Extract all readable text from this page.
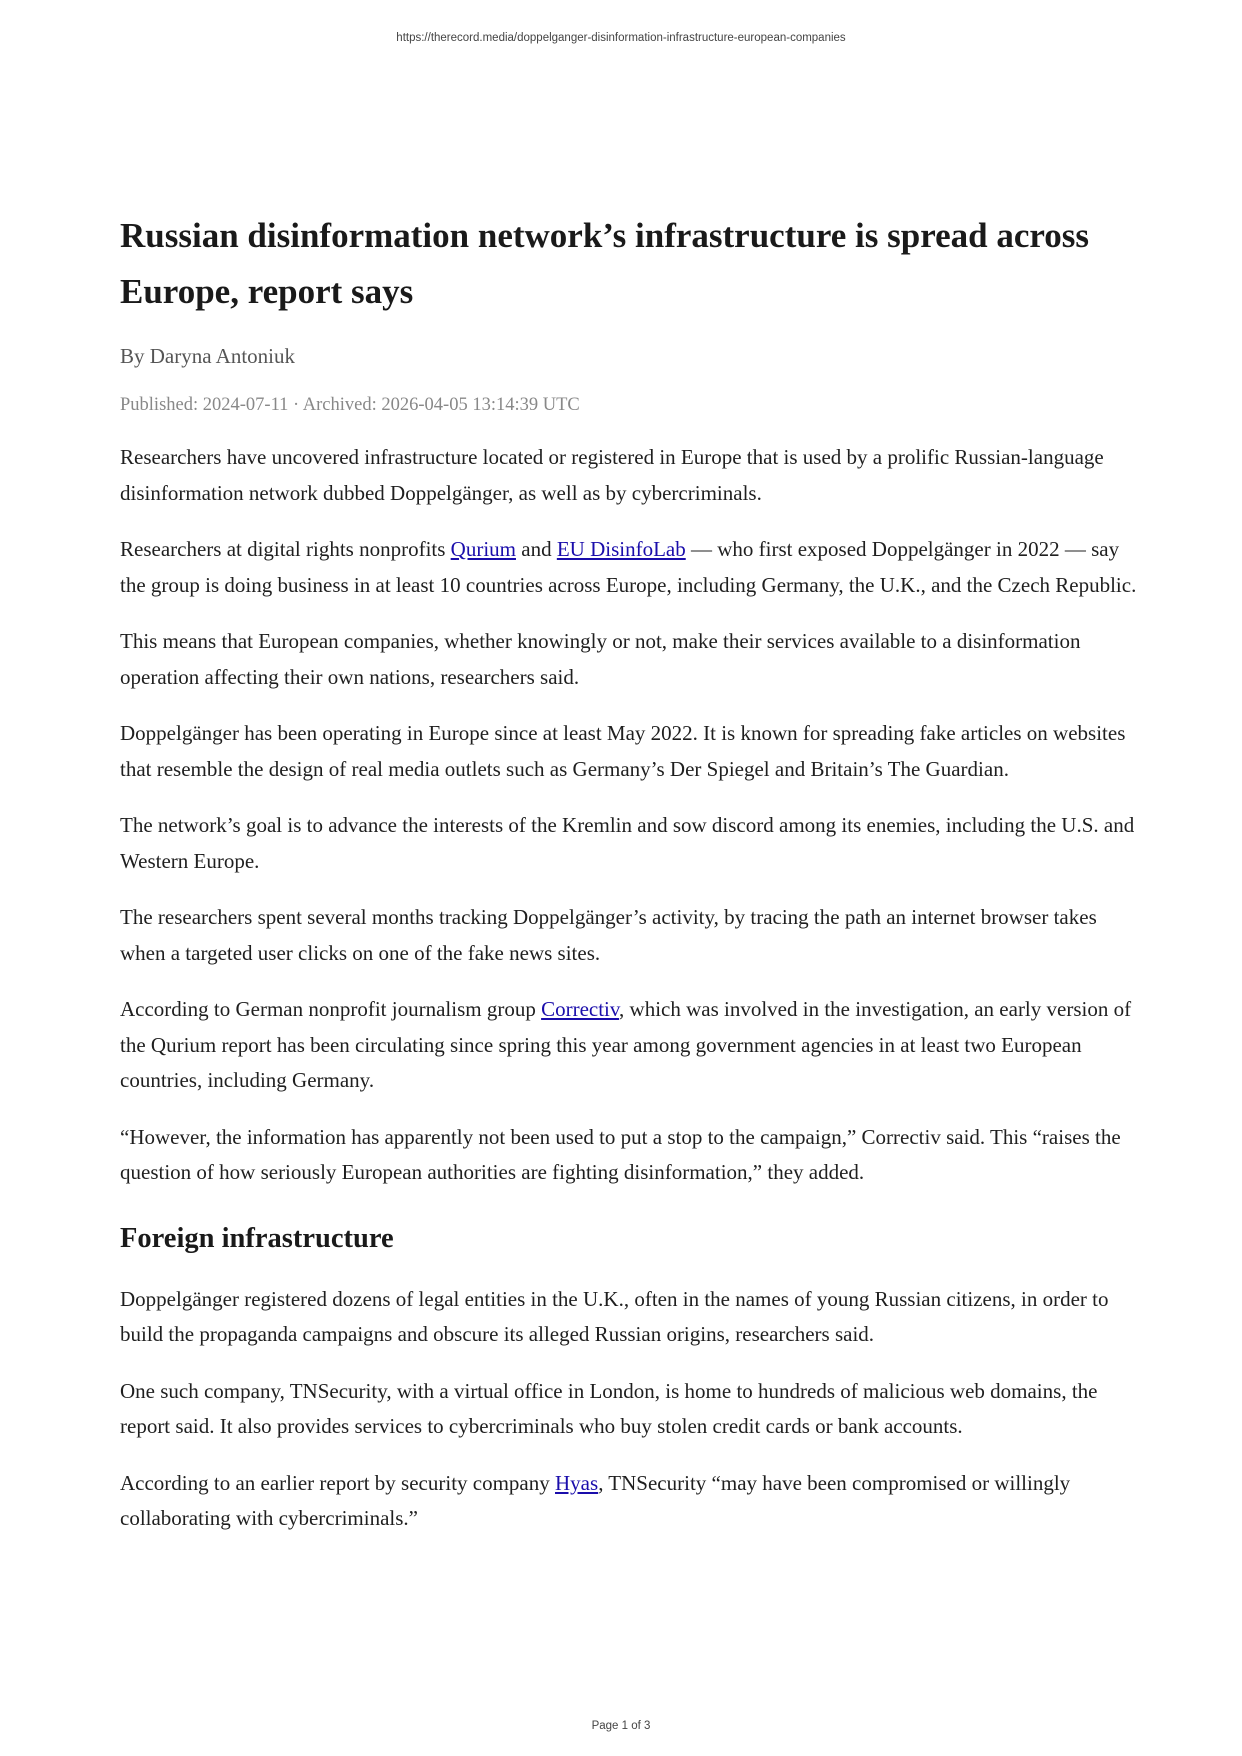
https://therecord.media/doppelganger-disinformation-infrastructure-european-companies
Russian disinformation network’s infrastructure is spread across Europe, report says
By Daryna Antoniuk
Published: 2024-07-11 · Archived: 2026-04-05 13:14:39 UTC

Researchers have uncovered infrastructure located or registered in Europe that is used by a prolific Russian-language disinformation network dubbed Doppelgänger, as well as by cybercriminals.

Researchers at digital rights nonprofits Qurium and EU DisinfoLab — who first exposed Doppelgänger in 2022 — say the group is doing business in at least 10 countries across Europe, including Germany, the U.K., and the Czech Republic.

This means that European companies, whether knowingly or not, make their services available to a disinformation operation affecting their own nations, researchers said.

Doppelgänger has been operating in Europe since at least May 2022. It is known for spreading fake articles on websites that resemble the design of real media outlets such as Germany’s Der Spiegel and Britain’s The Guardian.

The network’s goal is to advance the interests of the Kremlin and sow discord among its enemies, including the U.S. and Western Europe.

The researchers spent several months tracking Doppelgänger’s activity, by tracing the path an internet browser takes when a targeted user clicks on one of the fake news sites.

According to German nonprofit journalism group Correctiv, which was involved in the investigation, an early version of the Qurium report has been circulating since spring this year among government agencies in at least two European countries, including Germany.

“However, the information has apparently not been used to put a stop to the campaign,” Correctiv said. This “raises the question of how seriously European authorities are fighting disinformation,” they added.

Foreign infrastructure

Doppelgänger registered dozens of legal entities in the U.K., often in the names of young Russian citizens, in order to build the propaganda campaigns and obscure its alleged Russian origins, researchers said.

One such company, TNSecurity, with a virtual office in London, is home to hundreds of malicious web domains, the report said. It also provides services to cybercriminals who buy stolen credit cards or bank accounts.

According to an earlier report by security company Hyas, TNSecurity “may have been compromised or willingly collaborating with cybercriminals.”

Page 1 of 3
